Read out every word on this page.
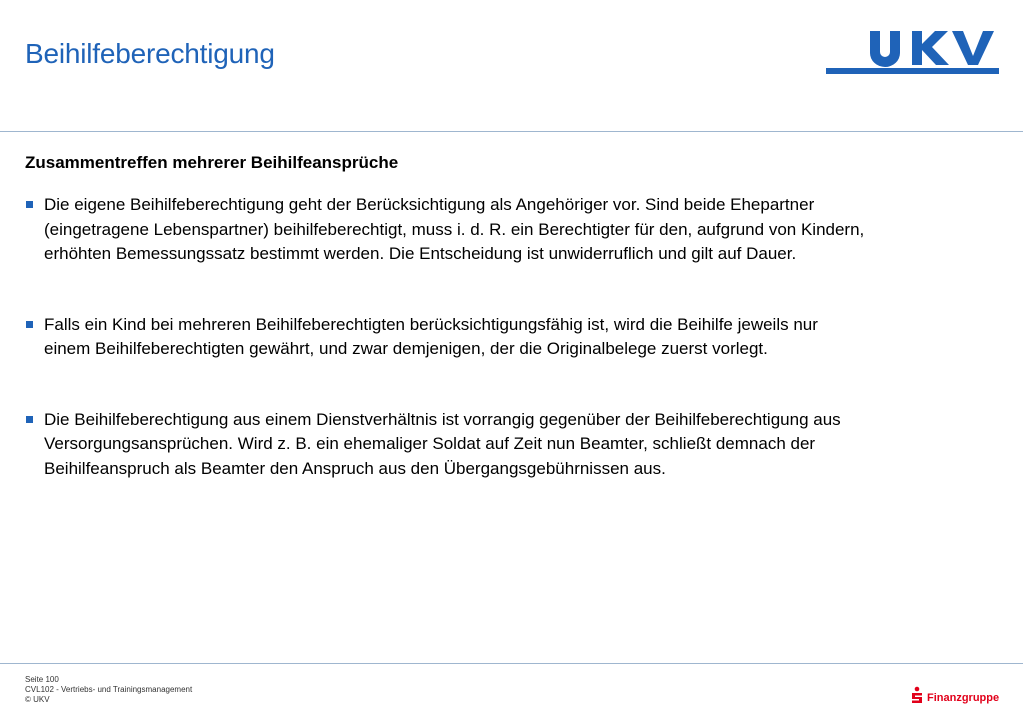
Beihilfeberechtigung
Zusammentreffen mehrerer Beihilfeansprüche
Die eigene Beihilfeberechtigung geht der Berücksichtigung als Angehöriger vor. Sind beide Ehepartner (eingetragene Lebenspartner) beihilfeberechtigt, muss i. d. R. ein Berechtigter für den, aufgrund von Kindern, erhöhten Bemessungssatz bestimmt werden. Die Entscheidung ist unwiderruflich und gilt auf Dauer.
Falls ein Kind bei mehreren Beihilfeberechtigten berücksichtigungsfähig ist, wird die Beihilfe jeweils nur einem Beihilfeberechtigten gewährt, und zwar demjenigen, der die Originalbelege zuerst vorlegt.
Die Beihilfeberechtigung aus einem Dienstverhältnis ist vorrangig gegenüber der Beihilfeberechtigung aus Versorgungsansprüchen. Wird z. B. ein ehemaliger Soldat auf Zeit nun Beamter, schließt demnach der Beihilfeanspruch als Beamter den Anspruch aus den Übergangsgebührnissen aus.
Seite 100
CVL102 - Vertriebs- und Trainingsmanagement
© UKV	Finanzgruppe
